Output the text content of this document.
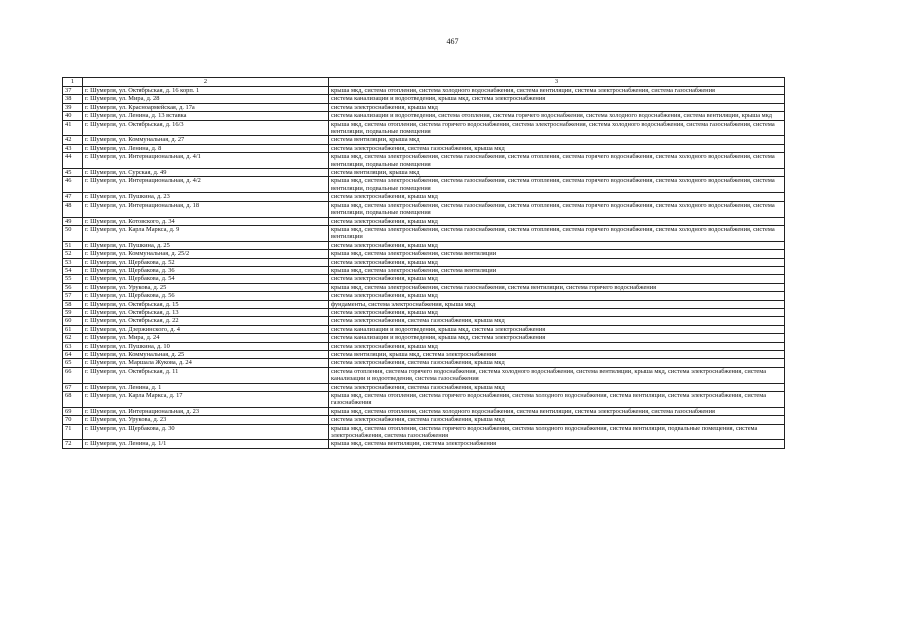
467
1	2	3
37	г. Шумерля, ул. Октябрьская, д. 16 корп. 1	крыша мкд, система отопления, система холодного водоснабжения, система вентиляции, система электроснабжения, система газоснабжения
38	г. Шумерля, ул. Мира, д. 28	система канализации и водоотведения, крыша мкд, система электроснабжения
39	г. Шумерля, ул. Красноармейская, д. 17а	система электроснабжения, крыша мкд
40	г. Шумерля, ул. Ленина, д. 13 вставка	система канализации и водоотведения, система отопления, система горячего водоснабжения, система холодного водоснабжения, система вентиляции, крыша мкд
41	г. Шумерля, ул. Октябрьская, д. 16/3	крыша мкд, система отопления, система горячего водоснабжения, система электроснабжения, система холодного водоснабжения, система газоснабжения, система вентиляции, подвальные помещения
42	г. Шумерля, ул. Коммунальная, д. 27	система вентиляции, крыша мкд
43	г. Шумерля, ул. Ленина, д. 8	система электроснабжения, система газоснабжения, крыша мкд
44	г. Шумерля, ул. Интернациональная, д. 4/1	крыша мкд, система электроснабжения, система газоснабжения, система отопления, система горячего водоснабжения, система холодного водоснабжения, система вентиляции, подвальные помещения
45	г. Шумерля, ул. Сурская, д. 49	система вентиляции, крыша мкд
46	г. Шумерля, ул. Интернациональная, д. 4/2	крыша мкд, система электроснабжения, система газоснабжения, система отопления, система горячего водоснабжения, система холодного водоснабжения, система вентиляции, подвальные помещения
47	г. Шумерля, ул. Пушкина, д. 23	система электроснабжения, крыша мкд
48	г. Шумерля, ул. Интернациональная, д. 18	крыша мкд, система электроснабжения, система газоснабжения, система отопления, система горячего водоснабжения, система холодного водоснабжения, система вентиляции, подвальные помещения
49	г. Шумерля, ул. Котовского, д. 34	система электроснабжения, крыша мкд
50	г. Шумерля, ул. Карла Маркса, д. 9	крыша мкд, система электроснабжения, система газоснабжения, система отопления, система горячего водоснабжения, система холодного водоснабжения, система вентиляции
51	г. Шумерля, ул. Пушкина, д. 25	система электроснабжения, крыша мкд
52	г. Шумерля, ул. Коммунальная, д. 25/2	крыша мкд, система электроснабжения, система вентиляции
53	г. Шумерля, ул. Щербакова, д. 52	система электроснабжения, крыша мкд
54	г. Шумерля, ул. Щербакова, д. 36	крыша мкд, система электроснабжения, система вентиляции
55	г. Шумерля, ул. Щербакова, д. 54	система электроснабжения, крыша мкд
56	г. Шумерля, ул. Урукова, д. 25	крыша мкд, система электроснабжения, система газоснабжения, система вентиляции, система горячего водоснабжения
57	г. Шумерля, ул. Щербакова, д. 56	система электроснабжения, крыша мкд
58	г. Шумерля, ул. Октябрьская, д. 15	фундаменты, система электроснабжения, крыша мкд
59	г. Шумерля, ул. Октябрьская, д. 13	система электроснабжения, крыша мкд
60	г. Шумерля, ул. Октябрьская, д. 22	система электроснабжения, система газоснабжения, крыша мкд
61	г. Шумерля, ул. Дзержинского, д. 4	система канализации и водоотведения, крыша мкд, система электроснабжения
62	г. Шумерля, ул. Мира, д. 24	система канализации и водоотведения, крыша мкд, система электроснабжения
63	г. Шумерля, ул. Пушкина, д. 10	система электроснабжения, крыша мкд
64	г. Шумерля, ул. Коммунальная, д. 25	система вентиляции, крыша мкд, система электроснабжения
65	г. Шумерля, ул. Маршала Жукова, д. 24	система электроснабжения, система газоснабжения, крыша мкд
66	г. Шумерля, ул. Октябрьская, д. 11	система отопления, система горячего водоснабжения, система холодного водоснабжения, система вентиляции, крыша мкд, система электроснабжения, система канализации и водоотведения, система газоснабжения
67	г. Шумерля, ул. Ленина, д. 1	система электроснабжения, система газоснабжения, крыша мкд
68	г. Шумерля, ул. Карла Маркса, д. 17	крыша мкд, система отопления, система горячего водоснабжения, система холодного водоснабжения, система вентиляции, система электроснабжения, система газоснабжения
69	г. Шумерля, ул. Интернациональная, д. 23	крыша мкд, система отопления, система холодного водоснабжения, система вентиляции, система электроснабжения, система газоснабжения
70	г. Шумерля, ул. Урукова, д. 23	система электроснабжения, система газоснабжения, крыша мкд
71	г. Шумерля, ул. Щербакова, д. 30	крыша мкд, система отопления, система горячего водоснабжения, система холодного водоснабжения, система вентиляции, подвальные помещения, система электроснабжения, система газоснабжения
72	г. Шумерля, ул. Ленина, д. 1/1	крыша мкд, система вентиляции, система электроснабжения
